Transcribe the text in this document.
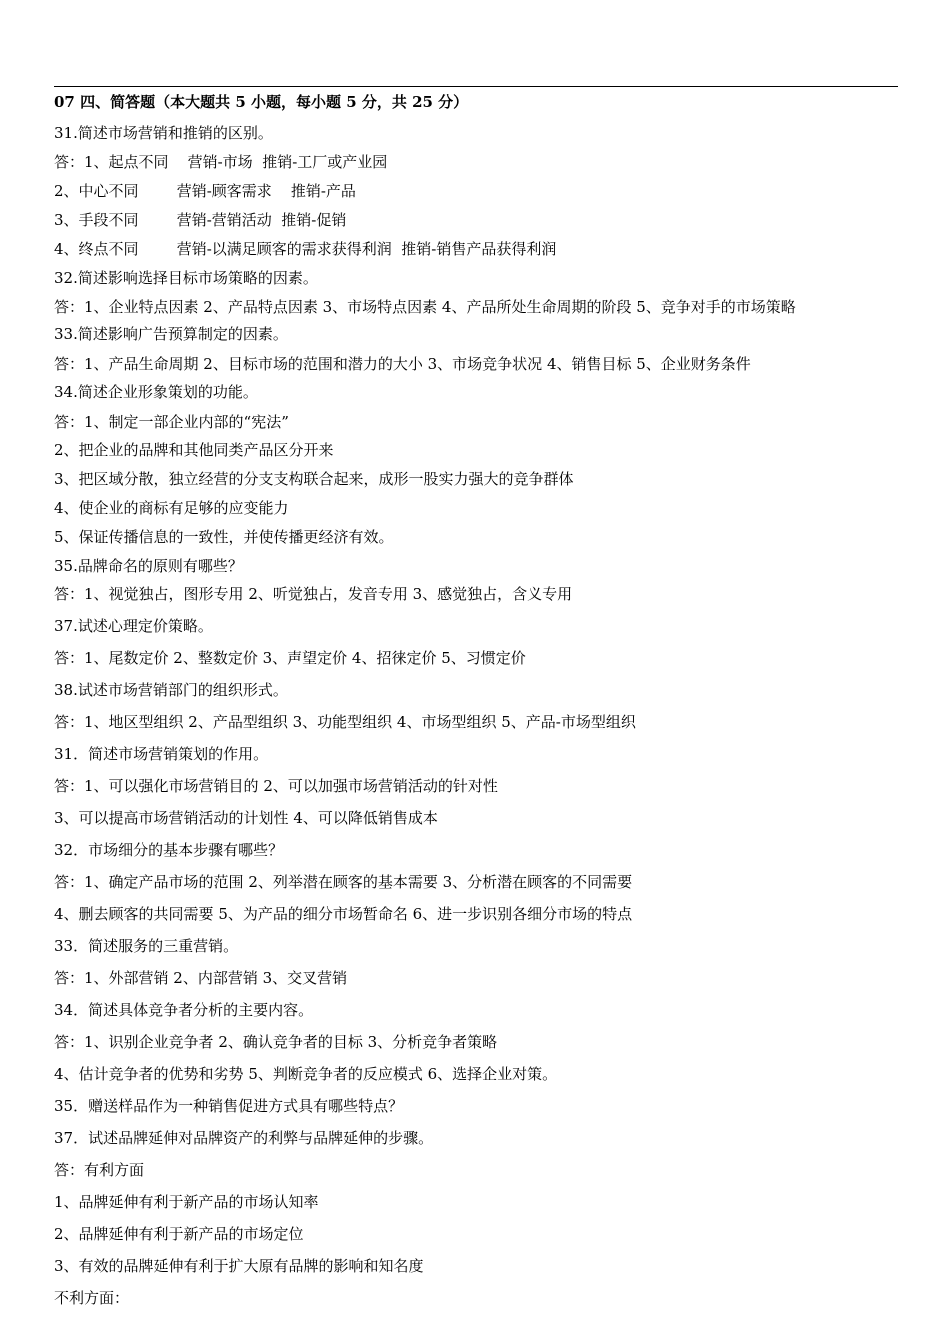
07 四、简答题（本大题共 5 小题，每小题 5 分，共 25 分）
31.简述市场营销和推销的区别。
答：1、起点不同    营销-市场  推销-工厂或产业园
2、中心不同        营销-顾客需求    推销-产品
3、手段不同        营销-营销活动  推销-促销
4、终点不同        营销-以满足顾客的需求获得利润  推销-销售产品获得利润
32.简述影响选择目标市场策略的因素。
答：1、企业特点因素 2、产品特点因素 3、市场特点因素 4、产品所处生命周期的阶段 5、竞争对手的市场策略
33.简述影响广告预算制定的因素。
答：1、产品生命周期 2、目标市场的范围和潜力的大小 3、市场竞争状况 4、销售目标 5、企业财务条件
34.简述企业形象策划的功能。
答：1、制定一部企业内部的“宪法”
2、把企业的品牌和其他同类产品区分开来
3、把区域分散，独立经营的分支支构联合起来，成形一股实力强大的竞争群体
4、使企业的商标有足够的应变能力
5、保证传播信息的一致性，并使传播更经济有效。
35.品牌命名的原则有哪些？
答：1、视觉独占，图形专用 2、听觉独占，发音专用 3、感觉独占，含义专用
37.试述心理定价策略。
答：1、尾数定价 2、整数定价 3、声望定价 4、招徕定价 5、习惯定价
38.试述市场营销部门的组织形式。
答：1、地区型组织 2、产品型组织 3、功能型组织 4、市场型组织 5、产品-市场型组织
31．简述市场营销策划的作用。
答：1、可以强化市场营销目的 2、可以加强市场营销活动的针对性
3、可以提高市场营销活动的计划性 4、可以降低销售成本
32．市场细分的基本步骤有哪些？
答：1、确定产品市场的范围 2、列举潜在顾客的基本需要 3、分析潜在顾客的不同需要
4、删去顾客的共同需要 5、为产品的细分市场暂命名 6、进一步识别各细分市场的特点
33．简述服务的三重营销。
答：1、外部营销 2、内部营销 3、交叉营销
34．简述具体竞争者分析的主要内容。
答：1、识别企业竞争者 2、确认竞争者的目标 3、分析竞争者策略
4、估计竞争者的优势和劣势 5、判断竞争者的反应模式 6、选择企业对策。
35．赠送样品作为一种销售促进方式具有哪些特点？
37．试述品牌延伸对品牌资产的利弊与品牌延伸的步骤。
答：有利方面
1、品牌延伸有利于新产品的市场认知率
2、品牌延伸有利于新产品的市场定位
3、有效的品牌延伸有利于扩大原有品牌的影响和知名度
不利方面：
